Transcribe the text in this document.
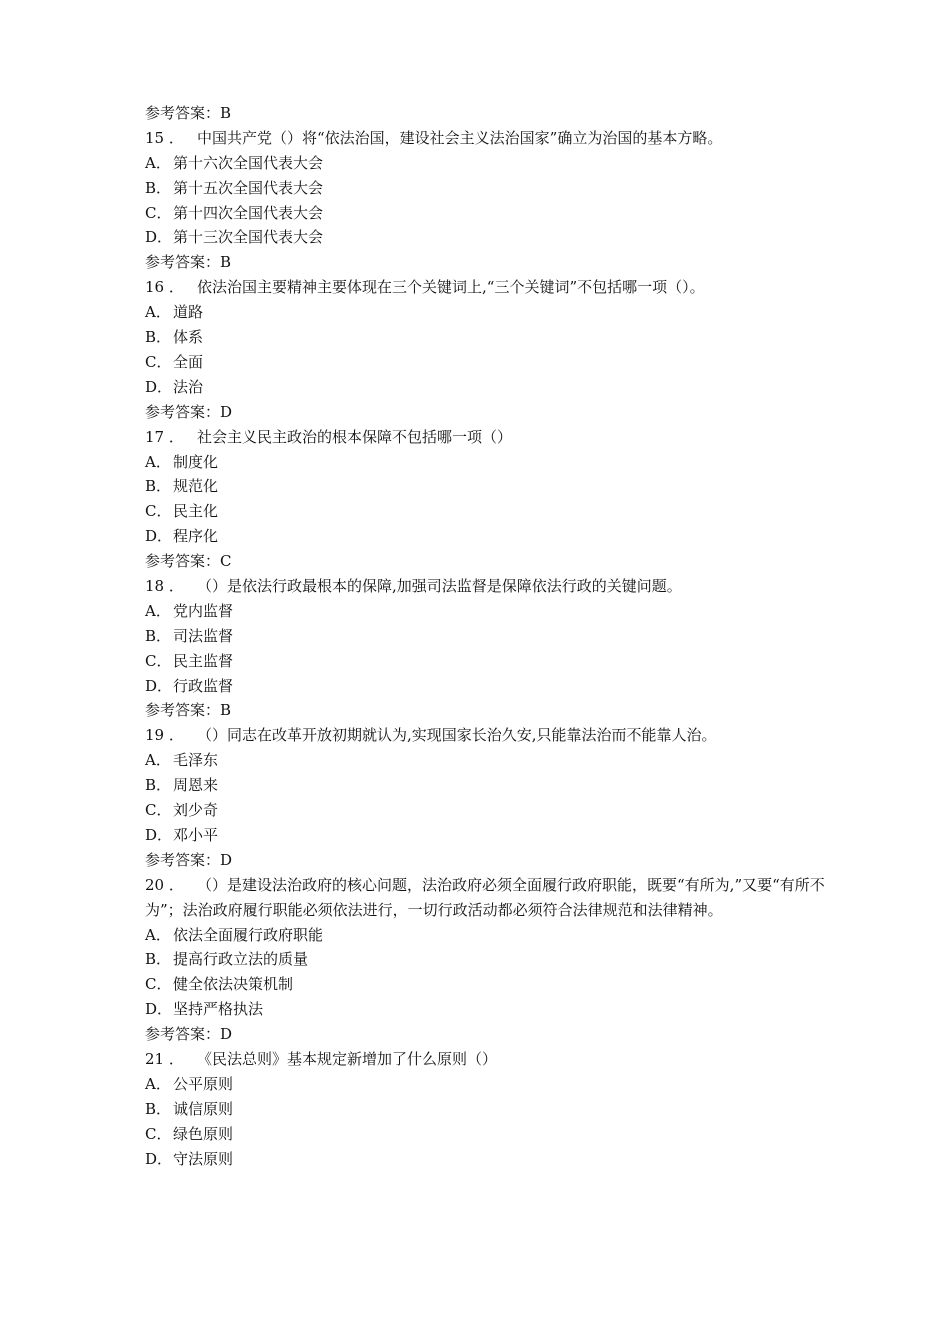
参考答案：B
15 ． 中国共产党（）将“依法治国，建设社会主义法治国家”确立为治国的基本方略。
A． 第十六次全国代表大会
B． 第十五次全国代表大会
C． 第十四次全国代表大会
D．第十三次全国代表大会
参考答案：B
16 ． 依法治国主要精神主要体现在三个关键词上,“三个关键词”不包括哪一项（）。
A． 道路
B． 体系
C． 全面
D．法治
参考答案：D
17 ． 社会主义民主政治的根本保障不包括哪一项（）
A． 制度化
B． 规范化
C． 民主化
D．程序化
参考答案：C
18 ． （）是依法行政最根本的保障,加强司法监督是保障依法行政的关键问题。
A． 党内监督
B． 司法监督
C． 民主监督
D．行政监督
参考答案：B
19 ． （）同志在改革开放初期就认为,实现国家长治久安,只能靠法治而不能靠人治。
A． 毛泽东
B． 周恩来
C． 刘少奇
D．邓小平
参考答案：D
20 ． （）是建设法治政府的核心问题，法治政府必须全面履行政府职能，既要“有所为,”又要“有所不为”；法治政府履行职能必须依法进行，一切行政活动都必须符合法律规范和法律精神。
A． 依法全面履行政府职能
B． 提高行政立法的质量
C． 健全依法决策机制
D．坚持严格执法
参考答案：D
21 ． 《民法总则》基本规定新增加了什么原则（）
A． 公平原则
B． 诚信原则
C． 绿色原则
D．守法原则
